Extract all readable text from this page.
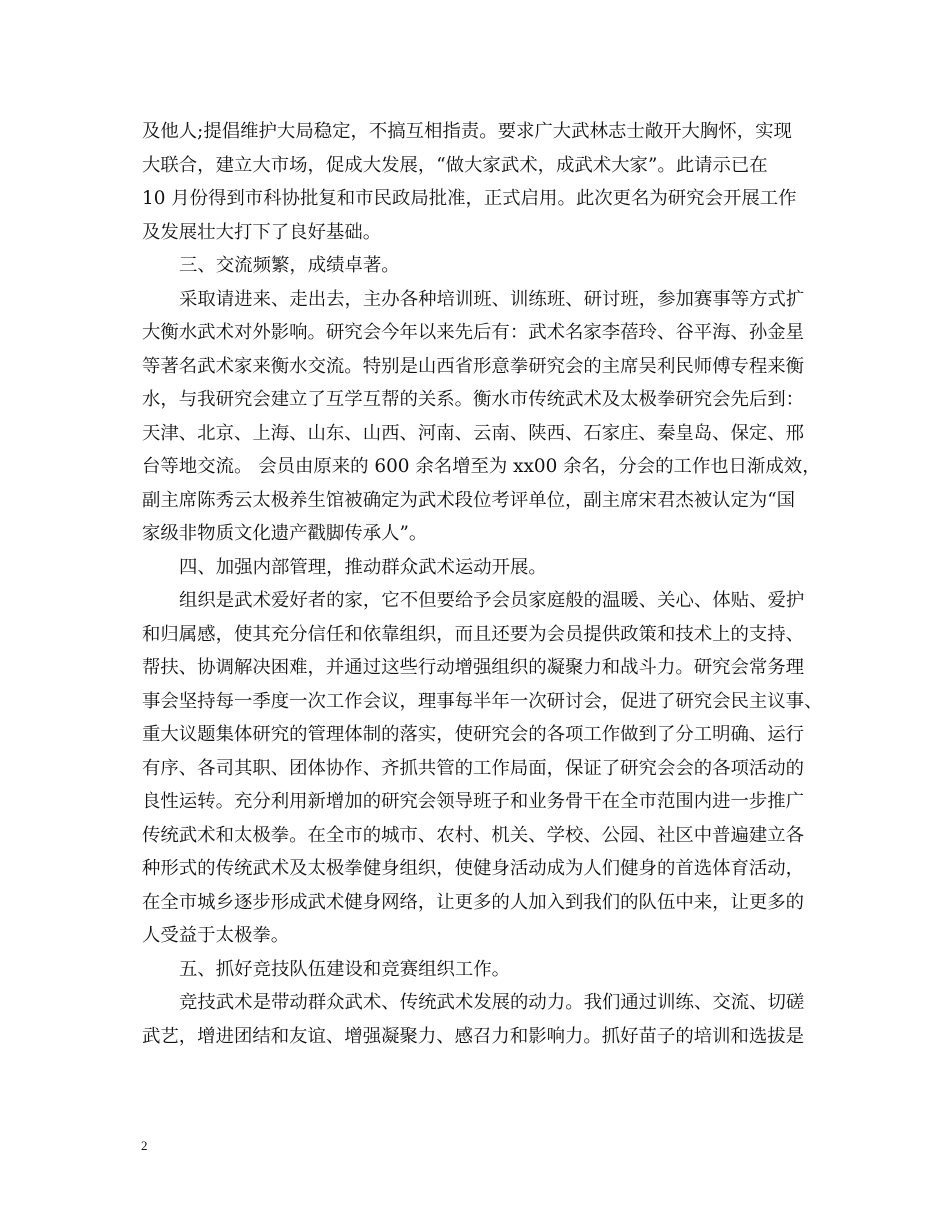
及他人;提倡维护大局稳定，不搞互相指责。要求广大武林志士敞开大胸怀，实现
大联合，建立大市场，促成大发展，“做大家武术，成武术大家”。此请示已在
10 月份得到市科协批复和市民政局批准，正式启用。此次更名为研究会开展工作
及发展壮大打下了良好基础。
三、交流频繁，成绩卓著。
采取请进来、走出去，主办各种培训班、训练班、研讨班，参加赛事等方式扩
大衡水武术对外影响。研究会今年以来先后有：武术名家李蓓玲、谷平海、孙金星
等著名武术家来衡水交流。特别是山西省形意拳研究会的主席吴利民师傅专程来衡
水，与我研究会建立了互学互帮的关系。衡水市传统武术及太极拳研究会先后到：
天津、北京、上海、山东、山西、河南、云南、陕西、石家庄、秦皇岛、保定、邢
台等地交流。 会员由原来的 600 余名增至为 xx00 余名，分会的工作也日渐成效，
副主席陈秀云太极养生馆被确定为武术段位考评单位，副主席宋君杰被认定为“国
家级非物质文化遗产戳脚传承人”。
四、加强内部管理，推动群众武术运动开展。
组织是武术爱好者的家，它不但要给予会员家庭般的温暖、关心、体贴、爱护
和归属感，使其充分信任和依靠组织，而且还要为会员提供政策和技术上的支持、
帮扶、协调解决困难，并通过这些行动增强组织的凝聚力和战斗力。研究会常务理
事会坚持每一季度一次工作会议，理事每半年一次研讨会，促进了研究会民主议事、
重大议题集体研究的管理体制的落实，使研究会的各项工作做到了分工明确、运行
有序、各司其职、团体协作、齐抓共管的工作局面，保证了研究会会的各项活动的
良性运转。充分利用新增加的研究会领导班子和业务骨干在全市范围内进一步推广
传统武术和太极拳。在全市的城市、农村、机关、学校、公园、社区中普遍建立各
种形式的传统武术及太极拳健身组织，使健身活动成为人们健身的首选体育活动，
在全市城乡逐步形成武术健身网络，让更多的人加入到我们的队伍中来，让更多的
人受益于太极拳。
五、抓好竞技队伍建设和竞赛组织工作。
竞技武术是带动群众武术、传统武术发展的动力。我们通过训练、交流、切磋
武艺，增进团结和友谊、增强凝聚力、感召力和影响力。抓好苗子的培训和选拔是
2
